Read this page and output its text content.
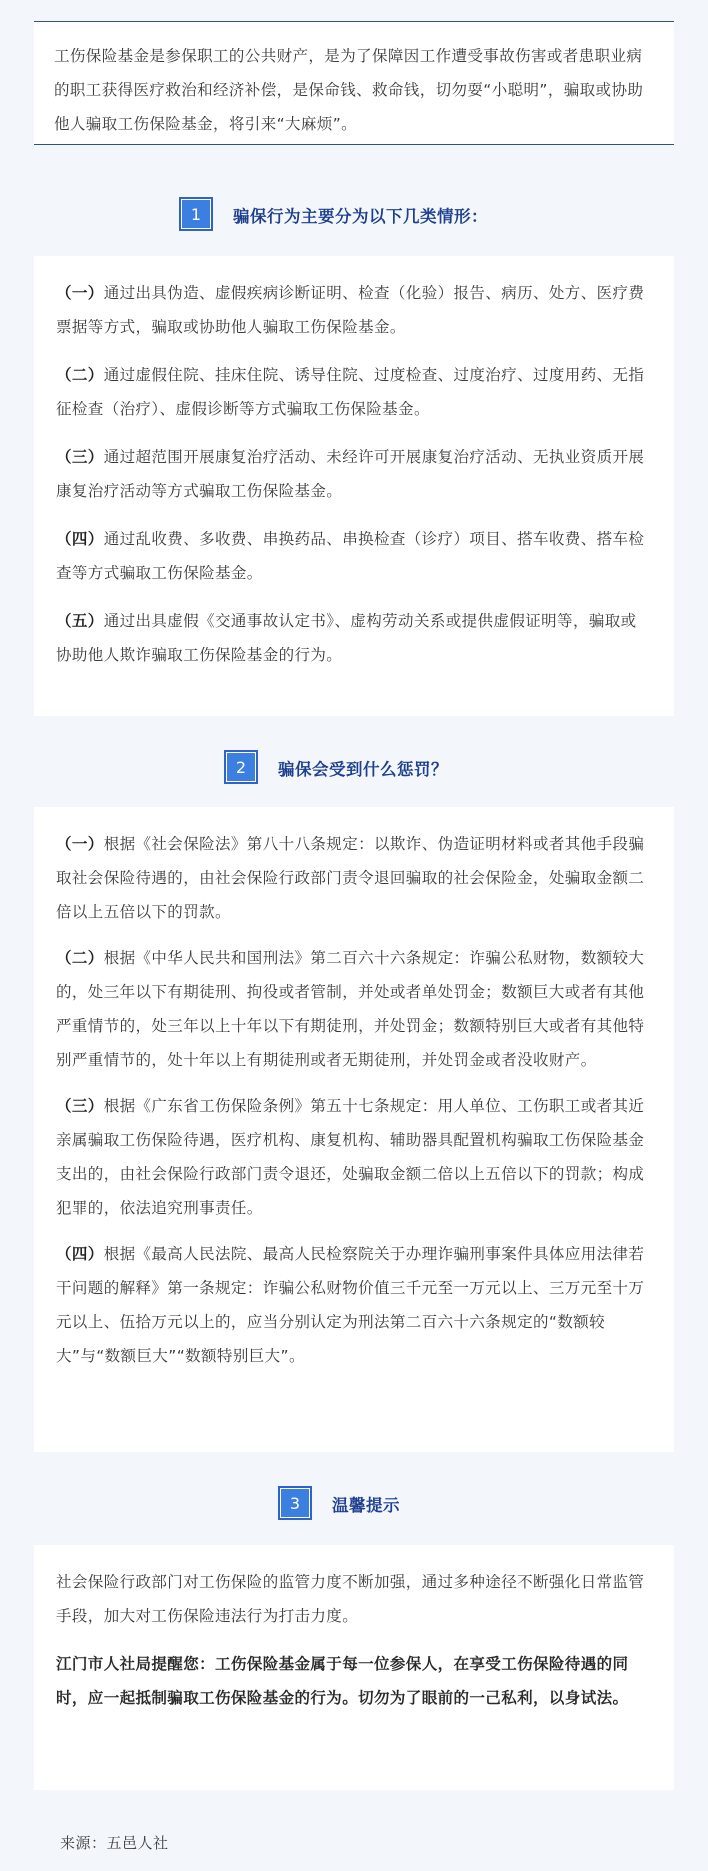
工伤保险基金是参保职工的公共财产，是为了保障因工作遭受事故伤害或者患职业病的职工获得医疗救治和经济补偿，是保命钱、救命钱，切勿耍“小聪明”，骗取或协助他人骗取工伤保险基金，将引来“大麻烦”。

1	骗保行为主要分为以下几类情形：

（一）通过出具伪造、虚假疾病诊断证明、检查（化验）报告、病历、处方、医疗费票据等方式，骗取或协助他人骗取工伤保险基金。

（二）通过虚假住院、挂床住院、诱导住院、过度检查、过度治疗、过度用药、无指征检查（治疗）、虚假诊断等方式骗取工伤保险基金。

（三）通过超范围开展康复治疗活动、未经许可开展康复治疗活动、无执业资质开展康复治疗活动等方式骗取工伤保险基金。

（四）通过乱收费、多收费、串换药品、串换检查（诊疗）项目、搭车收费、搭车检查等方式骗取工伤保险基金。

（五）通过出具虚假《交通事故认定书》、虚构劳动关系或提供虚假证明等，骗取或协助他人欺诈骗取工伤保险基金的行为。

2	骗保会受到什么惩罚？

（一）根据《社会保险法》第八十八条规定：以欺诈、伪造证明材料或者其他手段骗取社会保险待遇的，由社会保险行政部门责令退回骗取的社会保险金，处骗取金额二倍以上五倍以下的罚款。

（二）根据《中华人民共和国刑法》第二百六十六条规定：诈骗公私财物，数额较大的，处三年以下有期徒刑、拘役或者管制，并处或者单处罚金；数额巨大或者有其他严重情节的，处三年以上十年以下有期徒刑，并处罚金；数额特别巨大或者有其他特别严重情节的，处十年以上有期徒刑或者无期徒刑，并处罚金或者没收财产。

（三）根据《广东省工伤保险条例》第五十七条规定：用人单位、工伤职工或者其近亲属骗取工伤保险待遇，医疗机构、康复机构、辅助器具配置机构骗取工伤保险基金支出的，由社会保险行政部门责令退还，处骗取金额二倍以上五倍以下的罚款；构成犯罪的，依法追究刑事责任。

（四）根据《最高人民法院、最高人民检察院关于办理诈骗刑事案件具体应用法律若干问题的解释》第一条规定：诈骗公私财物价值三千元至一万元以上、三万元至十万元以上、伍拾万元以上的，应当分别认定为刑法第二百六十六条规定的“数额较大”与“数额巨大”“数额特别巨大”。

3	温馨提示

社会保险行政部门对工伤保险的监管力度不断加强，通过多种途径不断强化日常监管手段，加大对工伤保险违法行为打击力度。

江门市人社局提醒您：工伤保险基金属于每一位参保人，在享受工伤保险待遇的同时，应一起抵制骗取工伤保险基金的行为。切勿为了眼前的一己私利，以身试法。

来源：五邑人社
